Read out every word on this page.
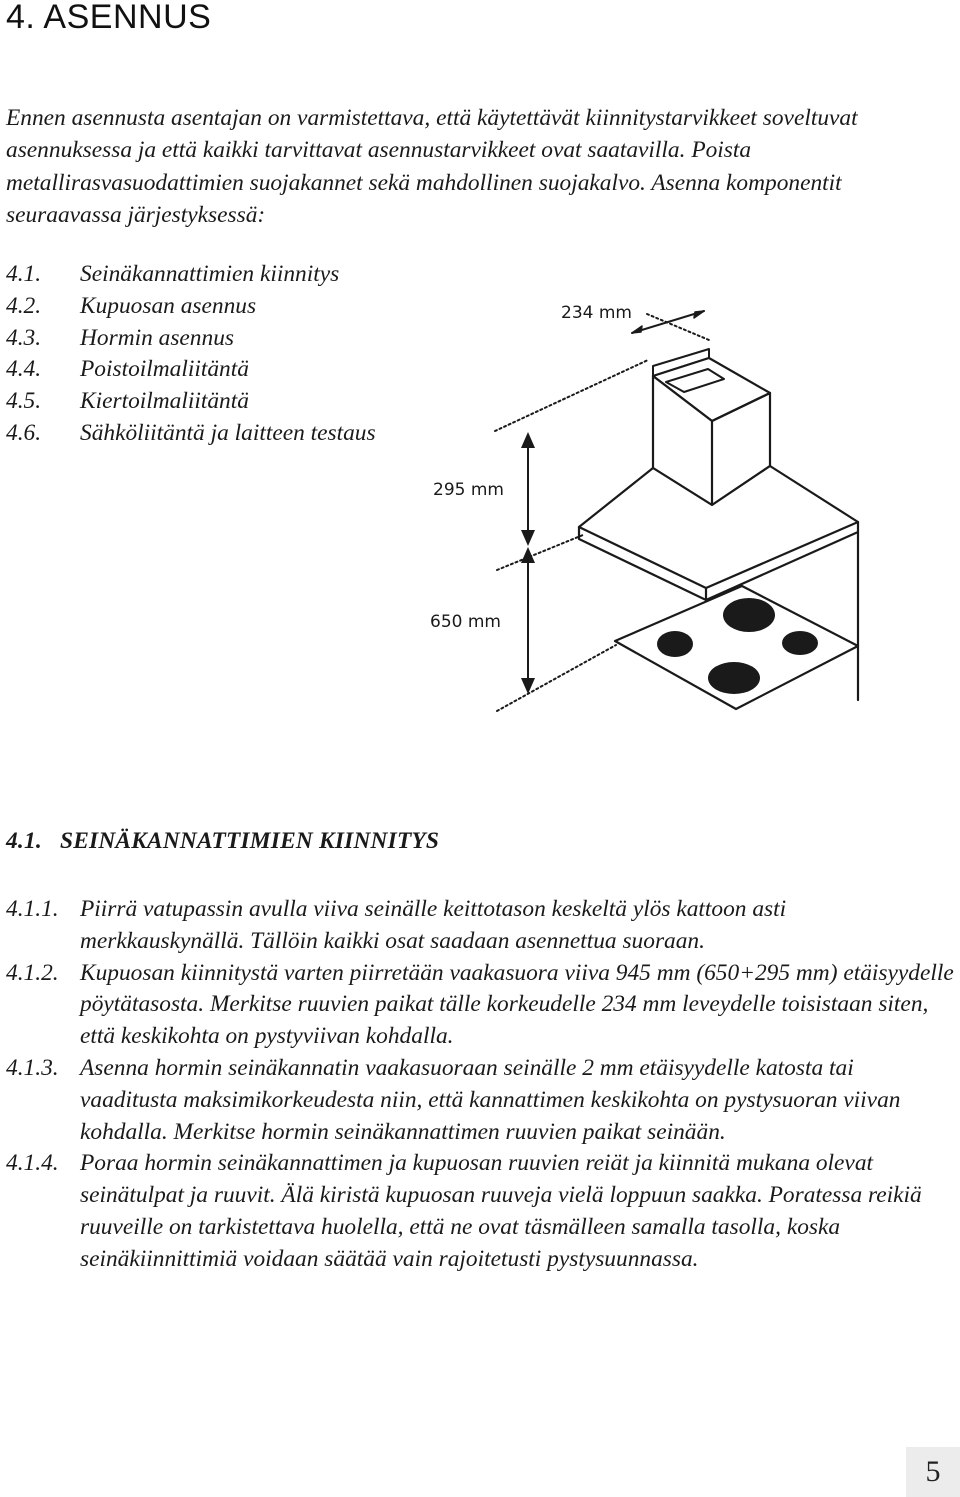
4. ASENNUS

Ennen asennusta asentajan on varmistettava, että käytettävät kiinnitystarvikkeet soveltuvat asennuksessa ja että kaikki tarvittavat asennustarvikkeet ovat saatavilla. Poista metallirasvasuodattimien suojakannet sekä mahdollinen suojakalvo. Asenna komponentit seuraavassa järjestyksessä:

4.1. Seinäkannattimien kiinnitys
4.2. Kupuosan asennus
4.3. Hormin asennus
4.4. Poistoilmaliitäntä
4.5. Kiertoilmaliitäntä
4.6. Sähköliitäntä ja laitteen testaus
234 mm
295 mm
650 mm
4.1.   SEINÄKANNATTIMIEN KIINNITYS
4.1.1. Piirrä vatupassin avulla viiva seinälle keittotason keskeltä ylös kattoon asti merkkauskynällä. Tällöin kaikki osat saadaan asennettua suoraan.
4.1.2. Kupuosan kiinnitystä varten piirretään vaakasuora viiva 945 mm (650+295 mm) etäisyydelle pöytätasosta. Merkitse ruuvien paikat tälle korkeudelle 234 mm leveydelle toisistaan siten, että keskikohta on pystyviivan kohdalla.
4.1.3. Asenna hormin seinäkannatin vaakasuoraan seinälle 2 mm etäisyydelle katosta tai vaaditusta maksimikorkeudesta niin, että kannattimen keskikohta on pystysuoran viivan kohdalla. Merkitse hormin seinäkannattimen ruuvien paikat seinään.
4.1.4. Poraa hormin seinäkannattimen ja kupuosan ruuvien reiät ja kiinnitä mukana olevat seinätulpat ja ruuvit. Älä kiristä kupuosan ruuveja vielä loppuun saakka. Poratessa reikiä ruuveille on tarkistettava huolella, että ne ovat täsmälleen samalla tasolla, koska seinäkiinnittimiä voidaan säätää vain rajoitetusti pystysuunnassa.
5
